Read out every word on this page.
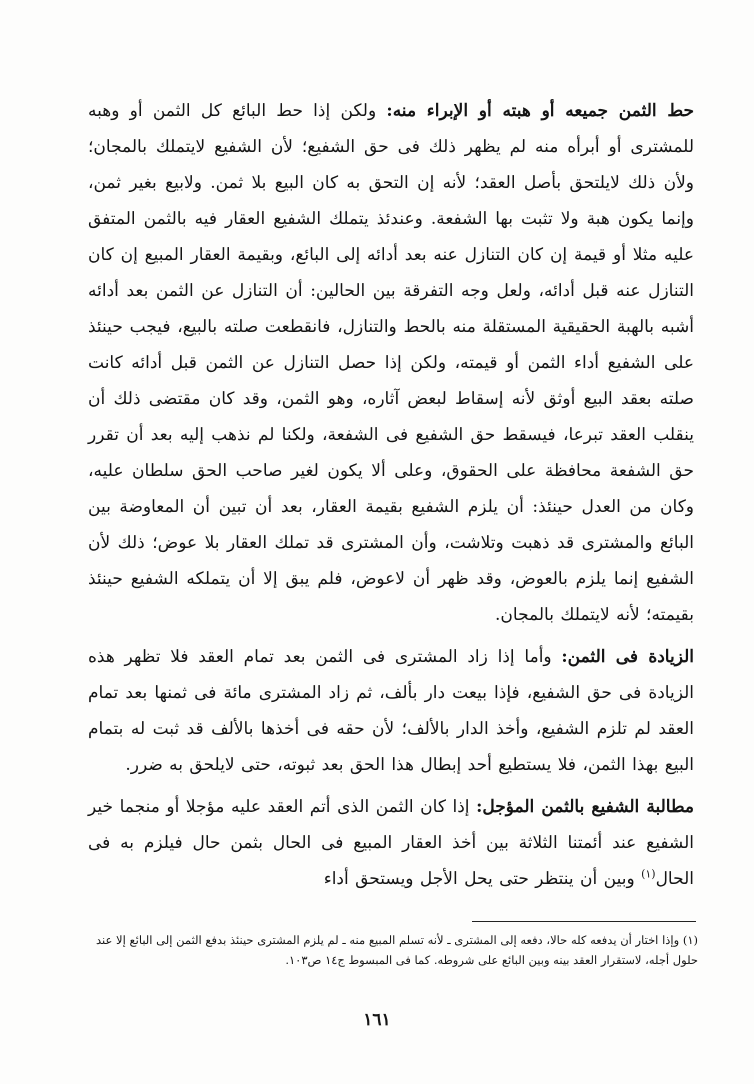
حط الثمن جميعه أو هبته أو الإبراء منه: ولكن إذا حط البائع كل الثمن أو وهبه للمشترى أو أبرأه منه لم يظهر ذلك فى حق الشفيع؛ لأن الشفيع لايتملك بالمجان؛ ولأن ذلك لايلتحق بأصل العقد؛ لأنه إن التحق به كان البيع بلا ثمن. ولابيع بغير ثمن، وإنما يكون هبة ولا تثبت بها الشفعة. وعندئذ يتملك الشفيع العقار فيه بالثمن المتفق عليه مثلا أو قيمة إن كان التنازل عنه بعد أدائه إلى البائع، وبقيمة العقار المبيع إن كان التنازل عنه قبل أدائه، ولعل وجه التفرقة بين الحالين: أن التنازل عن الثمن بعد أدائه أشبه بالهبة الحقيقية المستقلة منه بالحط والتنازل، فانقطعت صلته بالبيع، فيجب حينئذ على الشفيع أداء الثمن أو قيمته، ولكن إذا حصل التنازل عن الثمن قبل أدائه كانت صلته بعقد البيع أوثق لأنه إسقاط لبعض آثاره، وهو الثمن، وقد كان مقتضى ذلك أن ينقلب العقد تبرعا، فيسقط حق الشفيع فى الشفعة، ولكنا لم نذهب إليه بعد أن تقرر حق الشفعة محافظة على الحقوق، وعلى ألا يكون لغير صاحب الحق سلطان عليه، وكان من العدل حينئذ: أن يلزم الشفيع بقيمة العقار، بعد أن تبين أن المعاوضة بين البائع والمشترى قد ذهبت وتلاشت، وأن المشترى قد تملك العقار بلا عوض؛ ذلك لأن الشفيع إنما يلزم بالعوض، وقد ظهر أن لاعوض، فلم يبق إلا أن يتملكه الشفيع حينئذ بقيمته؛ لأنه لايتملك بالمجان.

الزيادة فى الثمن: وأما إذا زاد المشترى فى الثمن بعد تمام العقد فلا تظهر هذه الزيادة فى حق الشفيع، فإذا بيعت دار بألف، ثم زاد المشترى مائة فى ثمنها بعد تمام العقد لم تلزم الشفيع، وأخذ الدار بالألف؛ لأن حقه فى أخذها بالألف قد ثبت له بتمام البيع بهذا الثمن، فلا يستطيع أحد إبطال هذا الحق بعد ثبوته، حتى لايلحق به ضرر.

مطالبة الشفيع بالثمن المؤجل: إذا كان الثمن الذى أتم العقد عليه مؤجلا أو منجما خير الشفيع عند أئمتنا الثلاثة بين أخذ العقار المبيع فى الحال بثمن حال فيلزم به فى الحال$^{(١)}$ وبين أن ينتظر حتى يحل الأجل ويستحق أداء

(١) وإذا اختار أن يدفعه كله حالا، دفعه إلى المشترى ـ لأنه تسلم المبيع منه ـ لم يلزم المشترى حينئذ بدفع الثمن إلى البائع إلا عند حلول أجله، لاستقرار العقد بينه وبين البائع على شروطه. كما فى المبسوط ج١٤ ص١٠٣.

١٦١
